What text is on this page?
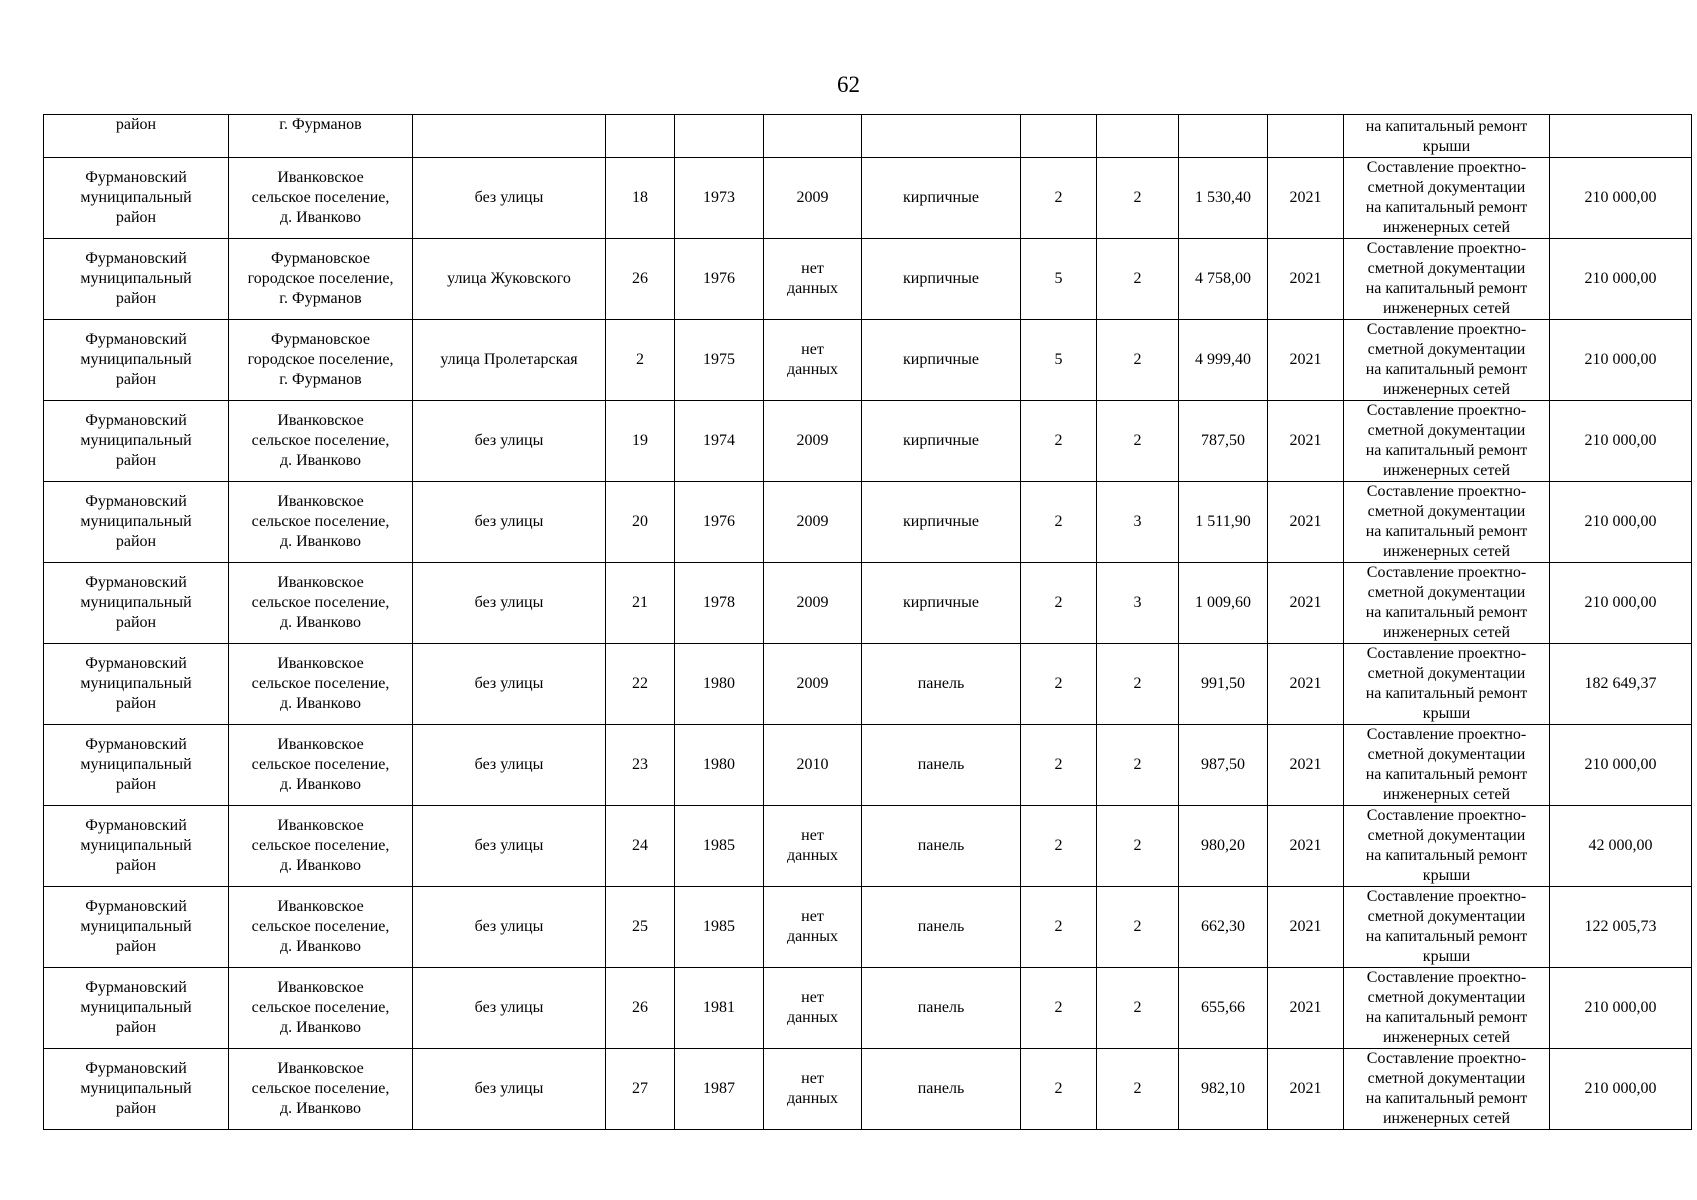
62
район	г. Фурманов										на капитальный ремонт
крыши	
Фурмановский
муниципальный
район	Иванковское
сельское поселение,
д. Иванково	без улицы	18	1973	2009	кирпичные	2	2	1 530,40	2021	Составление проектно-
сметной документации
на капитальный ремонт
инженерных сетей	210 000,00
Фурмановский
муниципальный
район	Фурмановское
городское поселение,
г. Фурманов	улица Жуковского	26	1976	нет
данных	кирпичные	5	2	4 758,00	2021	Составление проектно-
сметной документации
на капитальный ремонт
инженерных сетей	210 000,00
Фурмановский
муниципальный
район	Фурмановское
городское поселение,
г. Фурманов	улица Пролетарская	2	1975	нет
данных	кирпичные	5	2	4 999,40	2021	Составление проектно-
сметной документации
на капитальный ремонт
инженерных сетей	210 000,00
Фурмановский
муниципальный
район	Иванковское
сельское поселение,
д. Иванково	без улицы	19	1974	2009	кирпичные	2	2	787,50	2021	Составление проектно-
сметной документации
на капитальный ремонт
инженерных сетей	210 000,00
Фурмановский
муниципальный
район	Иванковское
сельское поселение,
д. Иванково	без улицы	20	1976	2009	кирпичные	2	3	1 511,90	2021	Составление проектно-
сметной документации
на капитальный ремонт
инженерных сетей	210 000,00
Фурмановский
муниципальный
район	Иванковское
сельское поселение,
д. Иванково	без улицы	21	1978	2009	кирпичные	2	3	1 009,60	2021	Составление проектно-
сметной документации
на капитальный ремонт
инженерных сетей	210 000,00
Фурмановский
муниципальный
район	Иванковское
сельское поселение,
д. Иванково	без улицы	22	1980	2009	панель	2	2	991,50	2021	Составление проектно-
сметной документации
на капитальный ремонт
крыши	182 649,37
Фурмановский
муниципальный
район	Иванковское
сельское поселение,
д. Иванково	без улицы	23	1980	2010	панель	2	2	987,50	2021	Составление проектно-
сметной документации
на капитальный ремонт
инженерных сетей	210 000,00
Фурмановский
муниципальный
район	Иванковское
сельское поселение,
д. Иванково	без улицы	24	1985	нет
данных	панель	2	2	980,20	2021	Составление проектно-
сметной документации
на капитальный ремонт
крыши	42 000,00
Фурмановский
муниципальный
район	Иванковское
сельское поселение,
д. Иванково	без улицы	25	1985	нет
данных	панель	2	2	662,30	2021	Составление проектно-
сметной документации
на капитальный ремонт
крыши	122 005,73
Фурмановский
муниципальный
район	Иванковское
сельское поселение,
д. Иванково	без улицы	26	1981	нет
данных	панель	2	2	655,66	2021	Составление проектно-
сметной документации
на капитальный ремонт
инженерных сетей	210 000,00
Фурмановский
муниципальный
район	Иванковское
сельское поселение,
д. Иванково	без улицы	27	1987	нет
данных	панель	2	2	982,10	2021	Составление проектно-
сметной документации
на капитальный ремонт
инженерных сетей	210 000,00
